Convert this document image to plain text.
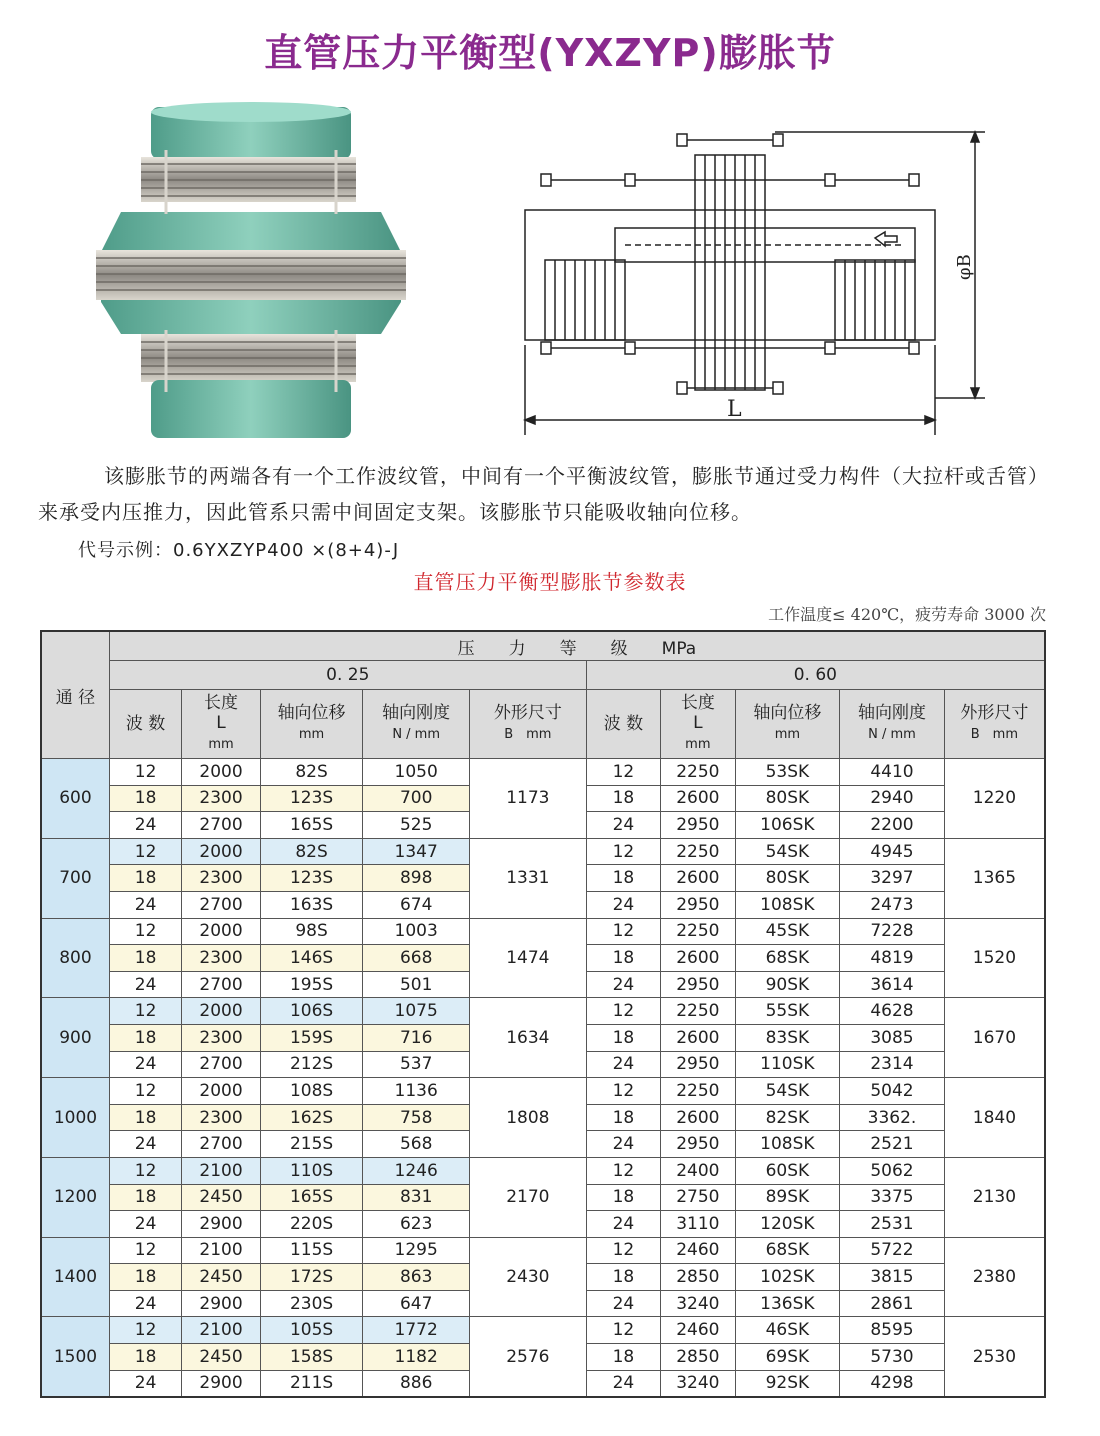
直管压力平衡型(YXZYP)膨胀节
L
φB
该膨胀节的两端各有一个工作波纹管，中间有一个平衡波纹管，膨胀节通过受力构件（大拉杆或舌管）来承受内压推力，因此管系只需中间固定支架。该膨胀节只能吸收轴向位移。
代号示例：0.6YXZYP400 ×(8+4)-J
直管压力平衡型膨胀节参数表
工作温度≤ 420℃，疲劳寿命 3000 次
通 径	压　　力　　等　　级　　MPa									
	0. 25					0. 60				
	波 数	长度
L
mm	轴向位移
mm	轴向刚度
N / mm	外形尺寸
B　mm	波 数	长度
L
mm	轴向位移
mm	轴向刚度
N / mm	外形尺寸
B　mm
600	12	2000	82S	1050	1173	12	2250	53SK	4410	1220
	18	2300	123S	700		18	2600	80SK	2940	
	24	2700	165S	525		24	2950	106SK	2200	
700	12	2000	82S	1347	1331	12	2250	54SK	4945	1365
	18	2300	123S	898		18	2600	80SK	3297	
	24	2700	163S	674		24	2950	108SK	2473	
800	12	2000	98S	1003	1474	12	2250	45SK	7228	1520
	18	2300	146S	668		18	2600	68SK	4819	
	24	2700	195S	501		24	2950	90SK	3614	
900	12	2000	106S	1075	1634	12	2250	55SK	4628	1670
	18	2300	159S	716		18	2600	83SK	3085	
	24	2700	212S	537		24	2950	110SK	2314	
1000	12	2000	108S	1136	1808	12	2250	54SK	5042	1840
	18	2300	162S	758		18	2600	82SK	3362.	
	24	2700	215S	568		24	2950	108SK	2521	
1200	12	2100	110S	1246	2170	12	2400	60SK	5062	2130
	18	2450	165S	831		18	2750	89SK	3375	
	24	2900	220S	623		24	3110	120SK	2531	
1400	12	2100	115S	1295	2430	12	2460	68SK	5722	2380
	18	2450	172S	863		18	2850	102SK	3815	
	24	2900	230S	647		24	3240	136SK	2861	
1500	12	2100	105S	1772	2576	12	2460	46SK	8595	2530
	18	2450	158S	1182		18	2850	69SK	5730	
	24	2900	211S	886		24	3240	92SK	4298	
